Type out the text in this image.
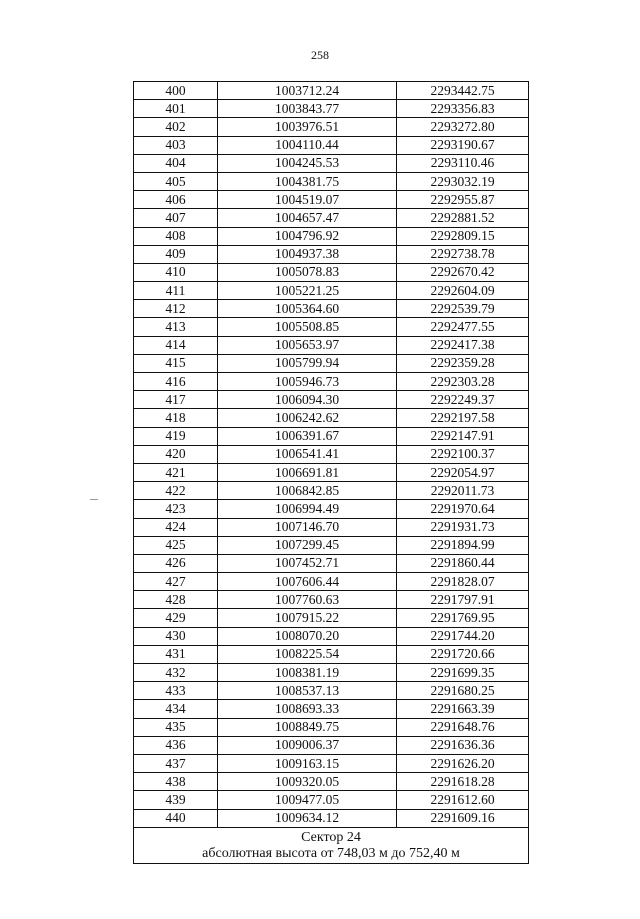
258
400	1003712.24	2293442.75
401	1003843.77	2293356.83
402	1003976.51	2293272.80
403	1004110.44	2293190.67
404	1004245.53	2293110.46
405	1004381.75	2293032.19
406	1004519.07	2292955.87
407	1004657.47	2292881.52
408	1004796.92	2292809.15
409	1004937.38	2292738.78
410	1005078.83	2292670.42
411	1005221.25	2292604.09
412	1005364.60	2292539.79
413	1005508.85	2292477.55
414	1005653.97	2292417.38
415	1005799.94	2292359.28
416	1005946.73	2292303.28
417	1006094.30	2292249.37
418	1006242.62	2292197.58
419	1006391.67	2292147.91
420	1006541.41	2292100.37
421	1006691.81	2292054.97
422	1006842.85	2292011.73
423	1006994.49	2291970.64
424	1007146.70	2291931.73
425	1007299.45	2291894.99
426	1007452.71	2291860.44
427	1007606.44	2291828.07
428	1007760.63	2291797.91
429	1007915.22	2291769.95
430	1008070.20	2291744.20
431	1008225.54	2291720.66
432	1008381.19	2291699.35
433	1008537.13	2291680.25
434	1008693.33	2291663.39
435	1008849.75	2291648.76
436	1009006.37	2291636.36
437	1009163.15	2291626.20
438	1009320.05	2291618.28
439	1009477.05	2291612.60
440	1009634.12	2291609.16

Сектор 24
абсолютная высота от 748,03 м до 752,40 м		
